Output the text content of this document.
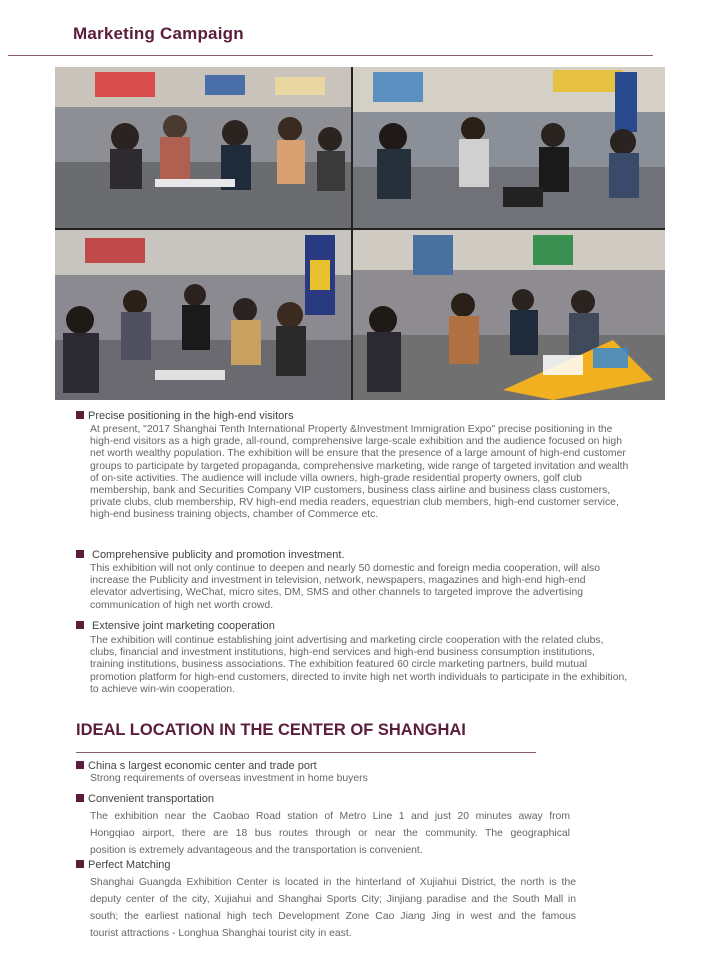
Marketing Campaign
Precise positioning in the high-end visitors
At present, "2017 Shanghai Tenth International Property &Investment Immigration Expo" precise positioning in the
high-end visitors as a high grade, all-round, comprehensive large-scale exhibition and the audience focused on high
net worth wealthy population. The exhibition will be ensure that the presence of a large amount of high-end customer
groups to participate by targeted propaganda, comprehensive marketing, wide range of targeted invitation and wealth
of on-site activities. The audience will include villa owners, high-grade residential property owners, golf club
membership, bank and Securities Company VIP customers, business class airline and business class customers,
private clubs, club membership, RV high-end media readers, equestrian club members, high-end customer service,
high-end business training objects, chamber of Commerce etc.
Comprehensive publicity and promotion investment.
This exhibition will not only continue to deepen and nearly 50 domestic and foreign media cooperation, will also
increase the Publicity and investment in television, network, newspapers, magazines and high-end high-end
elevator advertising, WeChat, micro sites, DM, SMS and other channels to targeted improve the advertising
communication of high net worth crowd.
Extensive joint marketing cooperation
The exhibition will continue establishing joint advertising and marketing circle cooperation with the related clubs,
clubs, financial and investment institutions, high-end services and high-end business consumption institutions,
training institutions, business associations. The exhibition featured 60 circle marketing partners, build mutual
promotion platform for high-end customers, directed to invite high net worth individuals to participate in the exhibition,
to achieve win-win cooperation.
IDEAL LOCATION IN THE CENTER OF SHANGHAI
China s largest economic center and trade port
Strong requirements of overseas investment in home buyers
Convenient transportation
The exhibition near the Caobao Road station of Metro Line 1 and just 20 minutes away from
Hongqiao airport, there are 18 bus routes through or near the community. The geographical
position is extremely advantageous and the transportation is convenient.
Perfect Matching
Shanghai Guangda Exhibition Center is located in the hinterland of Xujiahui District, the north is the
deputy center of the city, Xujiahui and Shanghai Sports City; Jinjiang paradise and the South Mall in
south; the earliest national high tech Development Zone Cao Jiang Jing in west and the famous
tourist attractions - Longhua Shanghai tourist city in east.
